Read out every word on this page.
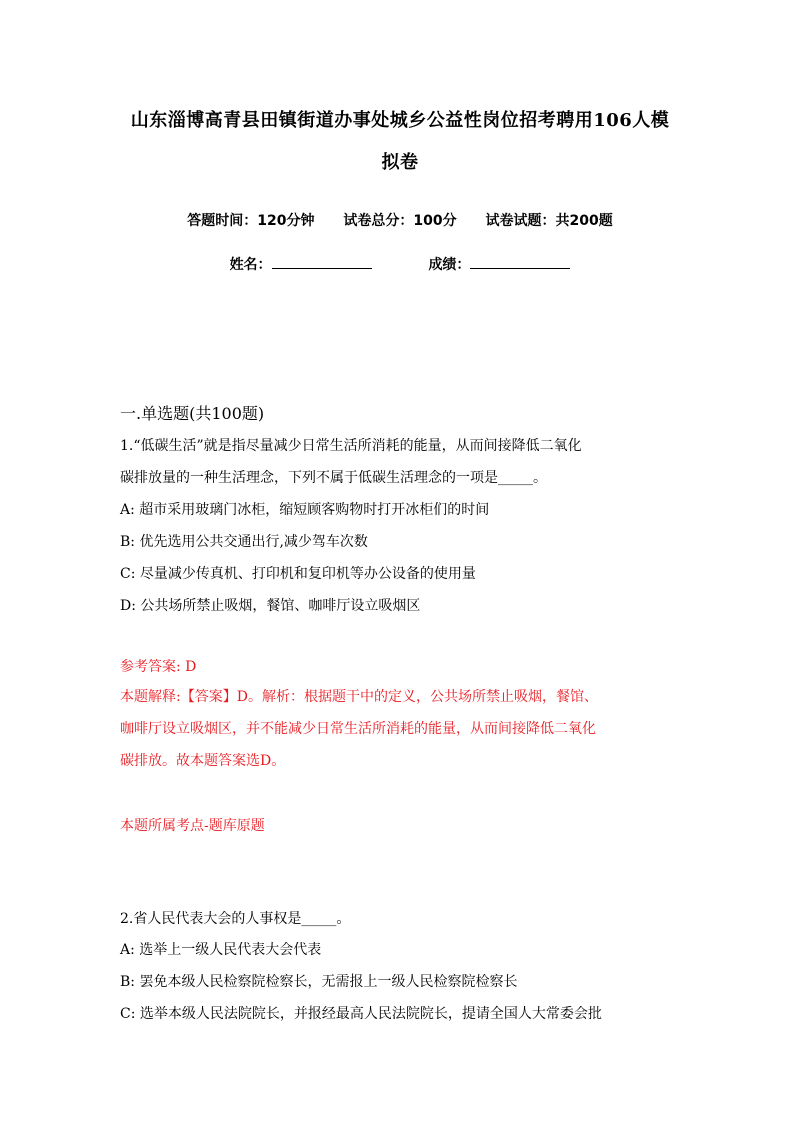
山东淄博高青县田镇街道办事处城乡公益性岗位招考聘用106人模
拟卷
答题时间：120分钟 试卷总分：100分 试卷试题：共200题
姓名：	成绩：
一.单选题(共100题)
1.“低碳生活”就是指尽量减少日常生活所消耗的能量，从而间接降低二氧化
碳排放量的一种生活理念，下列不属于低碳生活理念的一项是_____。
A: 超市采用玻璃门冰柜，缩短顾客购物时打开冰柜们的时间
B: 优先选用公共交通出行,减少驾车次数
C: 尽量减少传真机、打印机和复印机等办公设备的使用量
D: 公共场所禁止吸烟，餐馆、咖啡厅设立吸烟区
参考答案: D
本题解释:【答案】D。解析：根据题干中的定义，公共场所禁止吸烟，餐馆、
咖啡厅设立吸烟区，并不能减少日常生活所消耗的能量，从而间接降低二氧化
碳排放。故本题答案选D。
本题所属考点-题库原题
2.省人民代表大会的人事权是_____。
A: 选举上一级人民代表大会代表
B: 罢免本级人民检察院检察长，无需报上一级人民检察院检察长
C: 选举本级人民法院院长，并报经最高人民法院院长，提请全国人大常委会批
